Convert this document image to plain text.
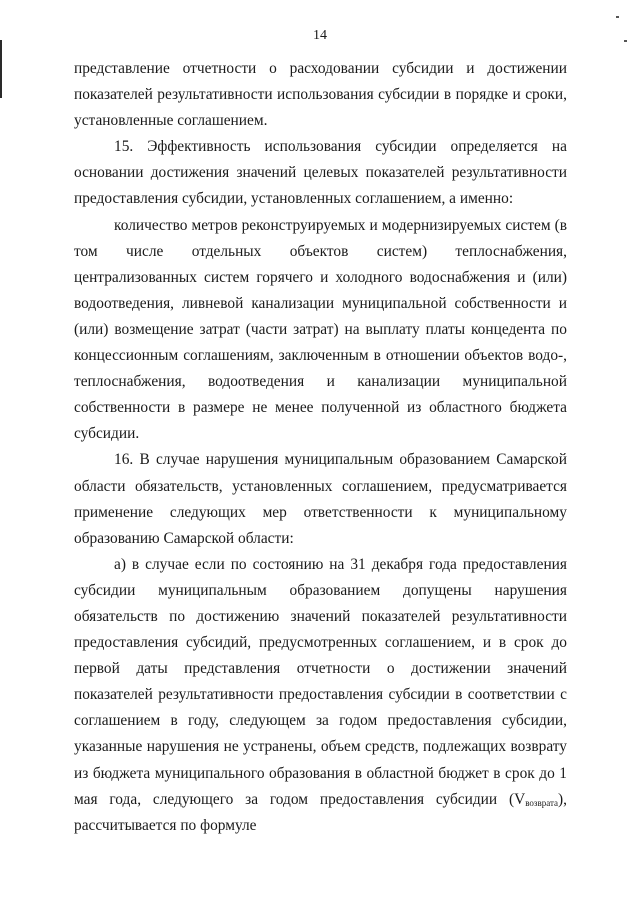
14
представление отчетности о расходовании субсидии и достижении
показателей результативности использования субсидии в порядке и сроки,
установленные соглашением.
15. Эффективность использования субсидии определяется на
основании достижения значений целевых показателей результативности
предоставления субсидии, установленных соглашением, а именно:
количество метров реконструируемых и модернизируемых систем (в
том числе отдельных объектов систем) теплоснабжения,
централизованных систем горячего и холодного водоснабжения и (или)
водоотведения, ливневой канализации муниципальной собственности и
(или) возмещение затрат (части затрат) на выплату платы концедента по
концессионным соглашениям, заключенным в отношении объектов водо-,
теплоснабжения, водоотведения и канализации муниципальной
собственности в размере не менее полученной из областного бюджета
субсидии.
16. В случае нарушения муниципальным образованием Самарской
области обязательств, установленных соглашением, предусматривается
применение следующих мер ответственности к муниципальному
образованию Самарской области:
а) в случае если по состоянию на 31 декабря года предоставления
субсидии муниципальным образованием допущены нарушения
обязательств по достижению значений показателей результативности
предоставления субсидий, предусмотренных соглашением, и в срок до
первой даты представления отчетности о достижении значений
показателей результативности предоставления субсидии в соответствии с
соглашением в году, следующем за годом предоставления субсидии,
указанные нарушения не устранены, объем средств, подлежащих возврату
из бюджета муниципального образования в областной бюджет в срок до 1
мая года, следующего за годом предоставления субсидии $(V_{возврата})$,
рассчитывается по формуле
